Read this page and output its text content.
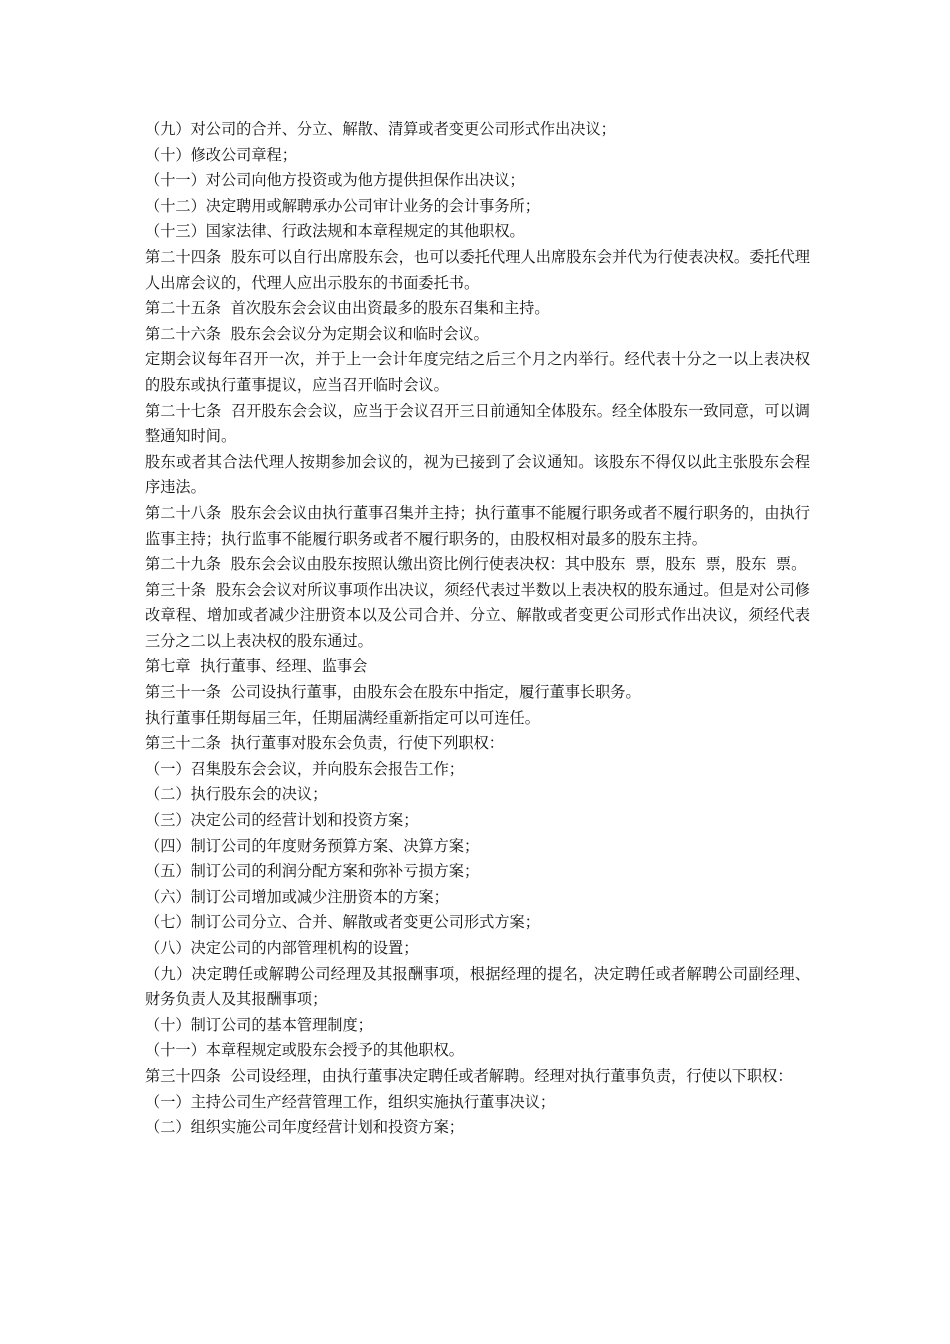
（九）对公司的合并、分立、解散、清算或者变更公司形式作出决议；

（十）修改公司章程；

（十一）对公司向他方投资或为他方提供担保作出决议；

（十二）决定聘用或解聘承办公司审计业务的会计事务所；

（十三）国家法律、行政法规和本章程规定的其他职权。

第二十四条  股东可以自行出席股东会，也可以委托代理人出席股东会并代为行使表决权。委托代理人出席会议的，代理人应出示股东的书面委托书。

第二十五条  首次股东会会议由出资最多的股东召集和主持。

第二十六条  股东会会议分为定期会议和临时会议。

定期会议每年召开一次，并于上一会计年度完结之后三个月之内举行。经代表十分之一以上表决权的股东或执行董事提议，应当召开临时会议。

第二十七条  召开股东会会议，应当于会议召开三日前通知全体股东。经全体股东一致同意，可以调整通知时间。

股东或者其合法代理人按期参加会议的，视为已接到了会议通知。该股东不得仅以此主张股东会程序违法。

第二十八条  股东会会议由执行董事召集并主持；执行董事不能履行职务或者不履行职务的，由执行监事主持；执行监事不能履行职务或者不履行职务的，由股权相对最多的股东主持。

第二十九条  股东会会议由股东按照认缴出资比例行使表决权：其中股东  票，股东  票，股东  票。

第三十条  股东会会议对所议事项作出决议，须经代表过半数以上表决权的股东通过。但是对公司修改章程、增加或者减少注册资本以及公司合并、分立、解散或者变更公司形式作出决议，须经代表三分之二以上表决权的股东通过。

第七章  执行董事、经理、监事会

第三十一条  公司设执行董事，由股东会在股东中指定，履行董事长职务。

执行董事任期每届三年，任期届满经重新指定可以可连任。

第三十二条  执行董事对股东会负责，行使下列职权：

（一）召集股东会会议，并向股东会报告工作；

（二）执行股东会的决议；

（三）决定公司的经营计划和投资方案；

（四）制订公司的年度财务预算方案、决算方案；

（五）制订公司的利润分配方案和弥补亏损方案；

（六）制订公司增加或减少注册资本的方案；

（七）制订公司分立、合并、解散或者变更公司形式方案；

（八）决定公司的内部管理机构的设置；

（九）决定聘任或解聘公司经理及其报酬事项，根据经理的提名，决定聘任或者解聘公司副经理、财务负责人及其报酬事项；

（十）制订公司的基本管理制度；

（十一）本章程规定或股东会授予的其他职权。

第三十四条  公司设经理，由执行董事决定聘任或者解聘。经理对执行董事负责，行使以下职权：

（一）主持公司生产经营管理工作，组织实施执行董事决议；

（二）组织实施公司年度经营计划和投资方案；
